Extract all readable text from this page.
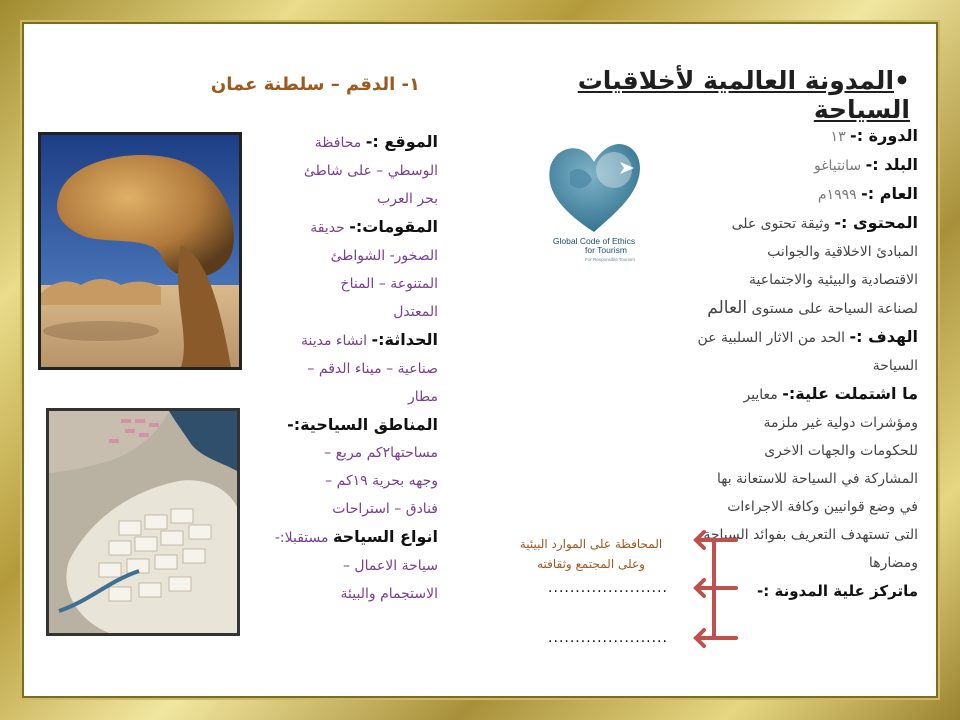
•المدونة العالمية لأخلاقيات السياحة
١- الدقم – سلطنة عمان
الدورة :- ١٣
البلد :- سانتياغو
العام :- ١٩٩٩م
المحتوى :- وثيقة تحتوى على
المبادئ الاخلاقية والجوانب
الاقتصادية والبيئية والاجتماعية
لصناعة السياحة على مستوى العالم
الهدف :- الحد من الاثار السلبية عن
السياحة
ما اشتملت علية:- معايير
ومؤشرات دولية غير ملزمة
للحكومات والجهات الاخرى
المشاركة في السياحة للاستعانة بها
في وضع قوانيين وكافة الاجراءات
التى تستهدف التعريف بفوائد السياحة
ومضارها
ماتركز علية المدونة :-
المحافظة على الموارد البيئية
وعلى المجتمع وثقافته
......................
......................
Global Code of Ethics
for Tourism
For Responsible Tourism
الموقع :- محافظة
الوسطي – على شاطئ
بحر العرب
المقومات:- حديقة
الصخور- الشواطئ
المتنوعة – المناخ
المعتدل
الحداثة:- انشاء مدينة
صناعية – ميناء الدقم –
مطار
المناطق السياحية:-
مساحتها٢كم مربع –
وجهه بحرية ١٩كم –
فنادق – استراحات
انواع السياحة مستقبلا:-
سياحة الاعمال –
الاستجمام والبيئة
